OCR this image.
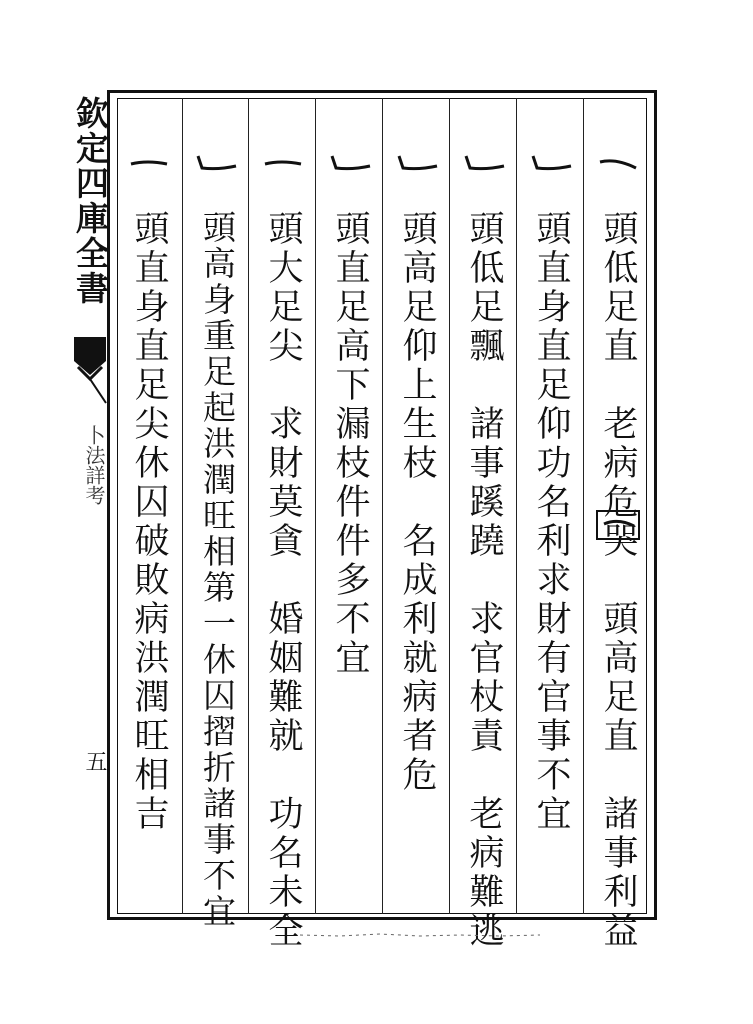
欽定四庫全書
卜法詳考
五
頭低足直　老病危哭
頭高足直　諸事利益
頭直身直足仰功名利求財有官事不宜
頭低足飄　諸事蹊蹺　求官杖責　老病難逃
頭高足仰上生枝　名成利就病者危
頭直足高下漏枝件件多不宜
頭大足尖　求財莫貪　婚姻難就　功名未全
頭高身重足起洪潤旺相第一休囚摺折諸事不宜
頭直身直足尖休囚破敗病洪潤旺相吉
